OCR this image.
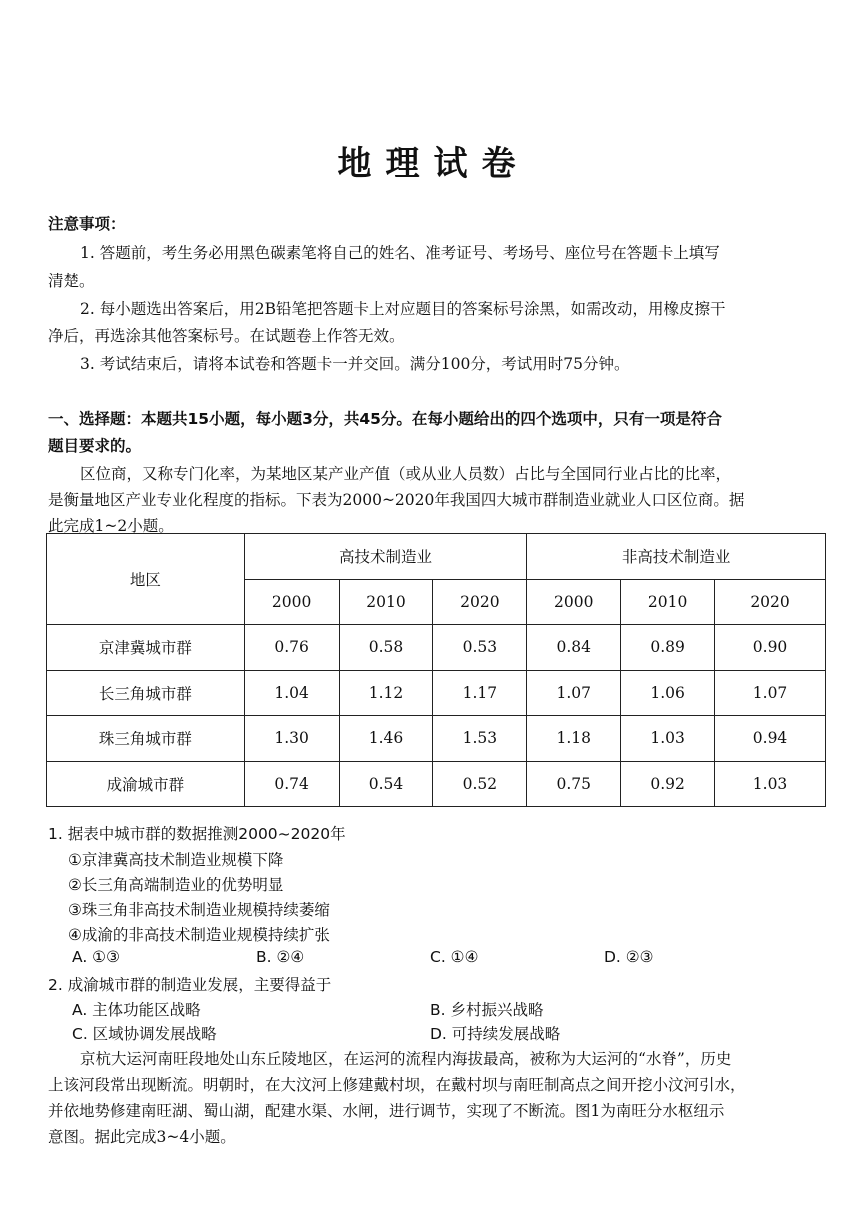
地理试卷
注意事项：
1. 答题前，考生务必用黑色碳素笔将自己的姓名、准考证号、考场号、座位号在答题卡上填写
清楚。
2. 每小题选出答案后，用2B铅笔把答题卡上对应题目的答案标号涂黑，如需改动，用橡皮擦干
净后，再选涂其他答案标号。在试题卷上作答无效。
3. 考试结束后，请将本试卷和答题卡一并交回。满分100分，考试用时75分钟。
一、选择题：本题共15小题，每小题3分，共45分。在每小题给出的四个选项中，只有一项是符合
题目要求的。
区位商，又称专门化率，为某地区某产业产值（或从业人员数）占比与全国同行业占比的比率，
是衡量地区产业专业化程度的指标。下表为2000~2020年我国四大城市群制造业就业人口区位商。据
此完成1~2小题。
地区	高技术制造业			非高技术制造业		
	2000	2010	2020	2000	2010	2020
京津冀城市群	0.76	0.58	0.53	0.84	0.89	0.90
长三角城市群	1.04	1.12	1.17	1.07	1.06	1.07
珠三角城市群	1.30	1.46	1.53	1.18	1.03	0.94
成渝城市群	0.74	0.54	0.52	0.75	0.92	1.03
1. 据表中城市群的数据推测2000~2020年
①京津冀高技术制造业规模下降
②长三角高端制造业的优势明显
③珠三角非高技术制造业规模持续萎缩
④成渝的非高技术制造业规模持续扩张
A. ①③	B. ②④	C. ①④	D. ②③
2. 成渝城市群的制造业发展，主要得益于
A. 主体功能区战略	B. 乡村振兴战略
C. 区域协调发展战略	D. 可持续发展战略
京杭大运河南旺段地处山东丘陵地区，在运河的流程内海拔最高，被称为大运河的“水脊”，历史
上该河段常出现断流。明朝时，在大汶河上修建戴村坝，在戴村坝与南旺制高点之间开挖小汶河引水，
并依地势修建南旺湖、蜀山湖，配建水渠、水闸，进行调节，实现了不断流。图1为南旺分水枢纽示
意图。据此完成3~4小题。
